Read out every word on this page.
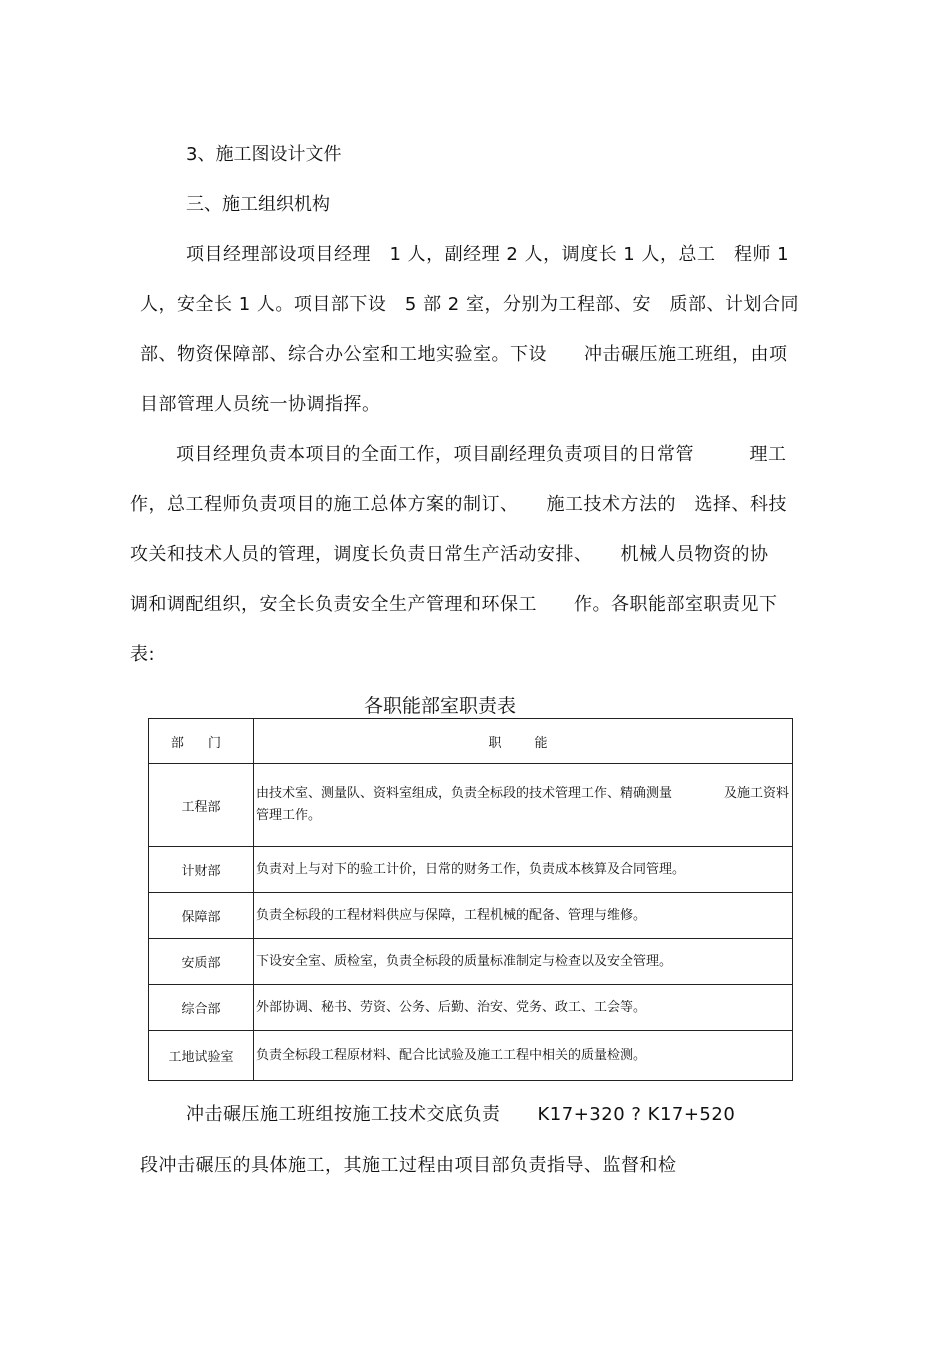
3、施工图设计文件
三、施工组织机构
项目经理部设项目经理　1 人，副经理 2 人，调度长 1 人，总工　程师 1
人，安全长 1 人。项目部下设　5 部 2 室，分别为工程部、安　质部、计划合同
部、物资保障部、综合办公室和工地实验室。下设　　冲击碾压施工班组，由项
目部管理人员统一协调指挥。
项目经理负责本项目的全面工作，项目副经理负责项目的日常管　　　理工
作，总工程师负责项目的施工总体方案的制订、　　施工技术方法的　选择、科技
攻关和技术人员的管理，调度长负责日常生产活动安排、　　机械人员物资的协
调和调配组织，安全长负责安全生产管理和环保工　　作。各职能部室职责见下
表:
各职能部室职责表
部 门	职　能
工程部	由技术室、测量队、资料室组成，负责全标段的技术管理工作、精确测量　　　　及施工资料管理工作。
计财部	负责对上与对下的验工计价，日常的财务工作，负责成本核算及合同管理。
保障部	负责全标段的工程材料供应与保障，工程机械的配备、管理与维修。
安质部	下设安全室、质检室，负责全标段的质量标准制定与检查以及安全管理。
综合部	外部协调、秘书、劳资、公务、后勤、治安、党务、政工、工会等。
工地试验室	负责全标段工程原材料、配合比试验及施工工程中相关的质量检测。
冲击碾压施工班组按施工技术交底负责　　K17+320 ? K17+520
段冲击碾压的具体施工，其施工过程由项目部负责指导、监督和检
